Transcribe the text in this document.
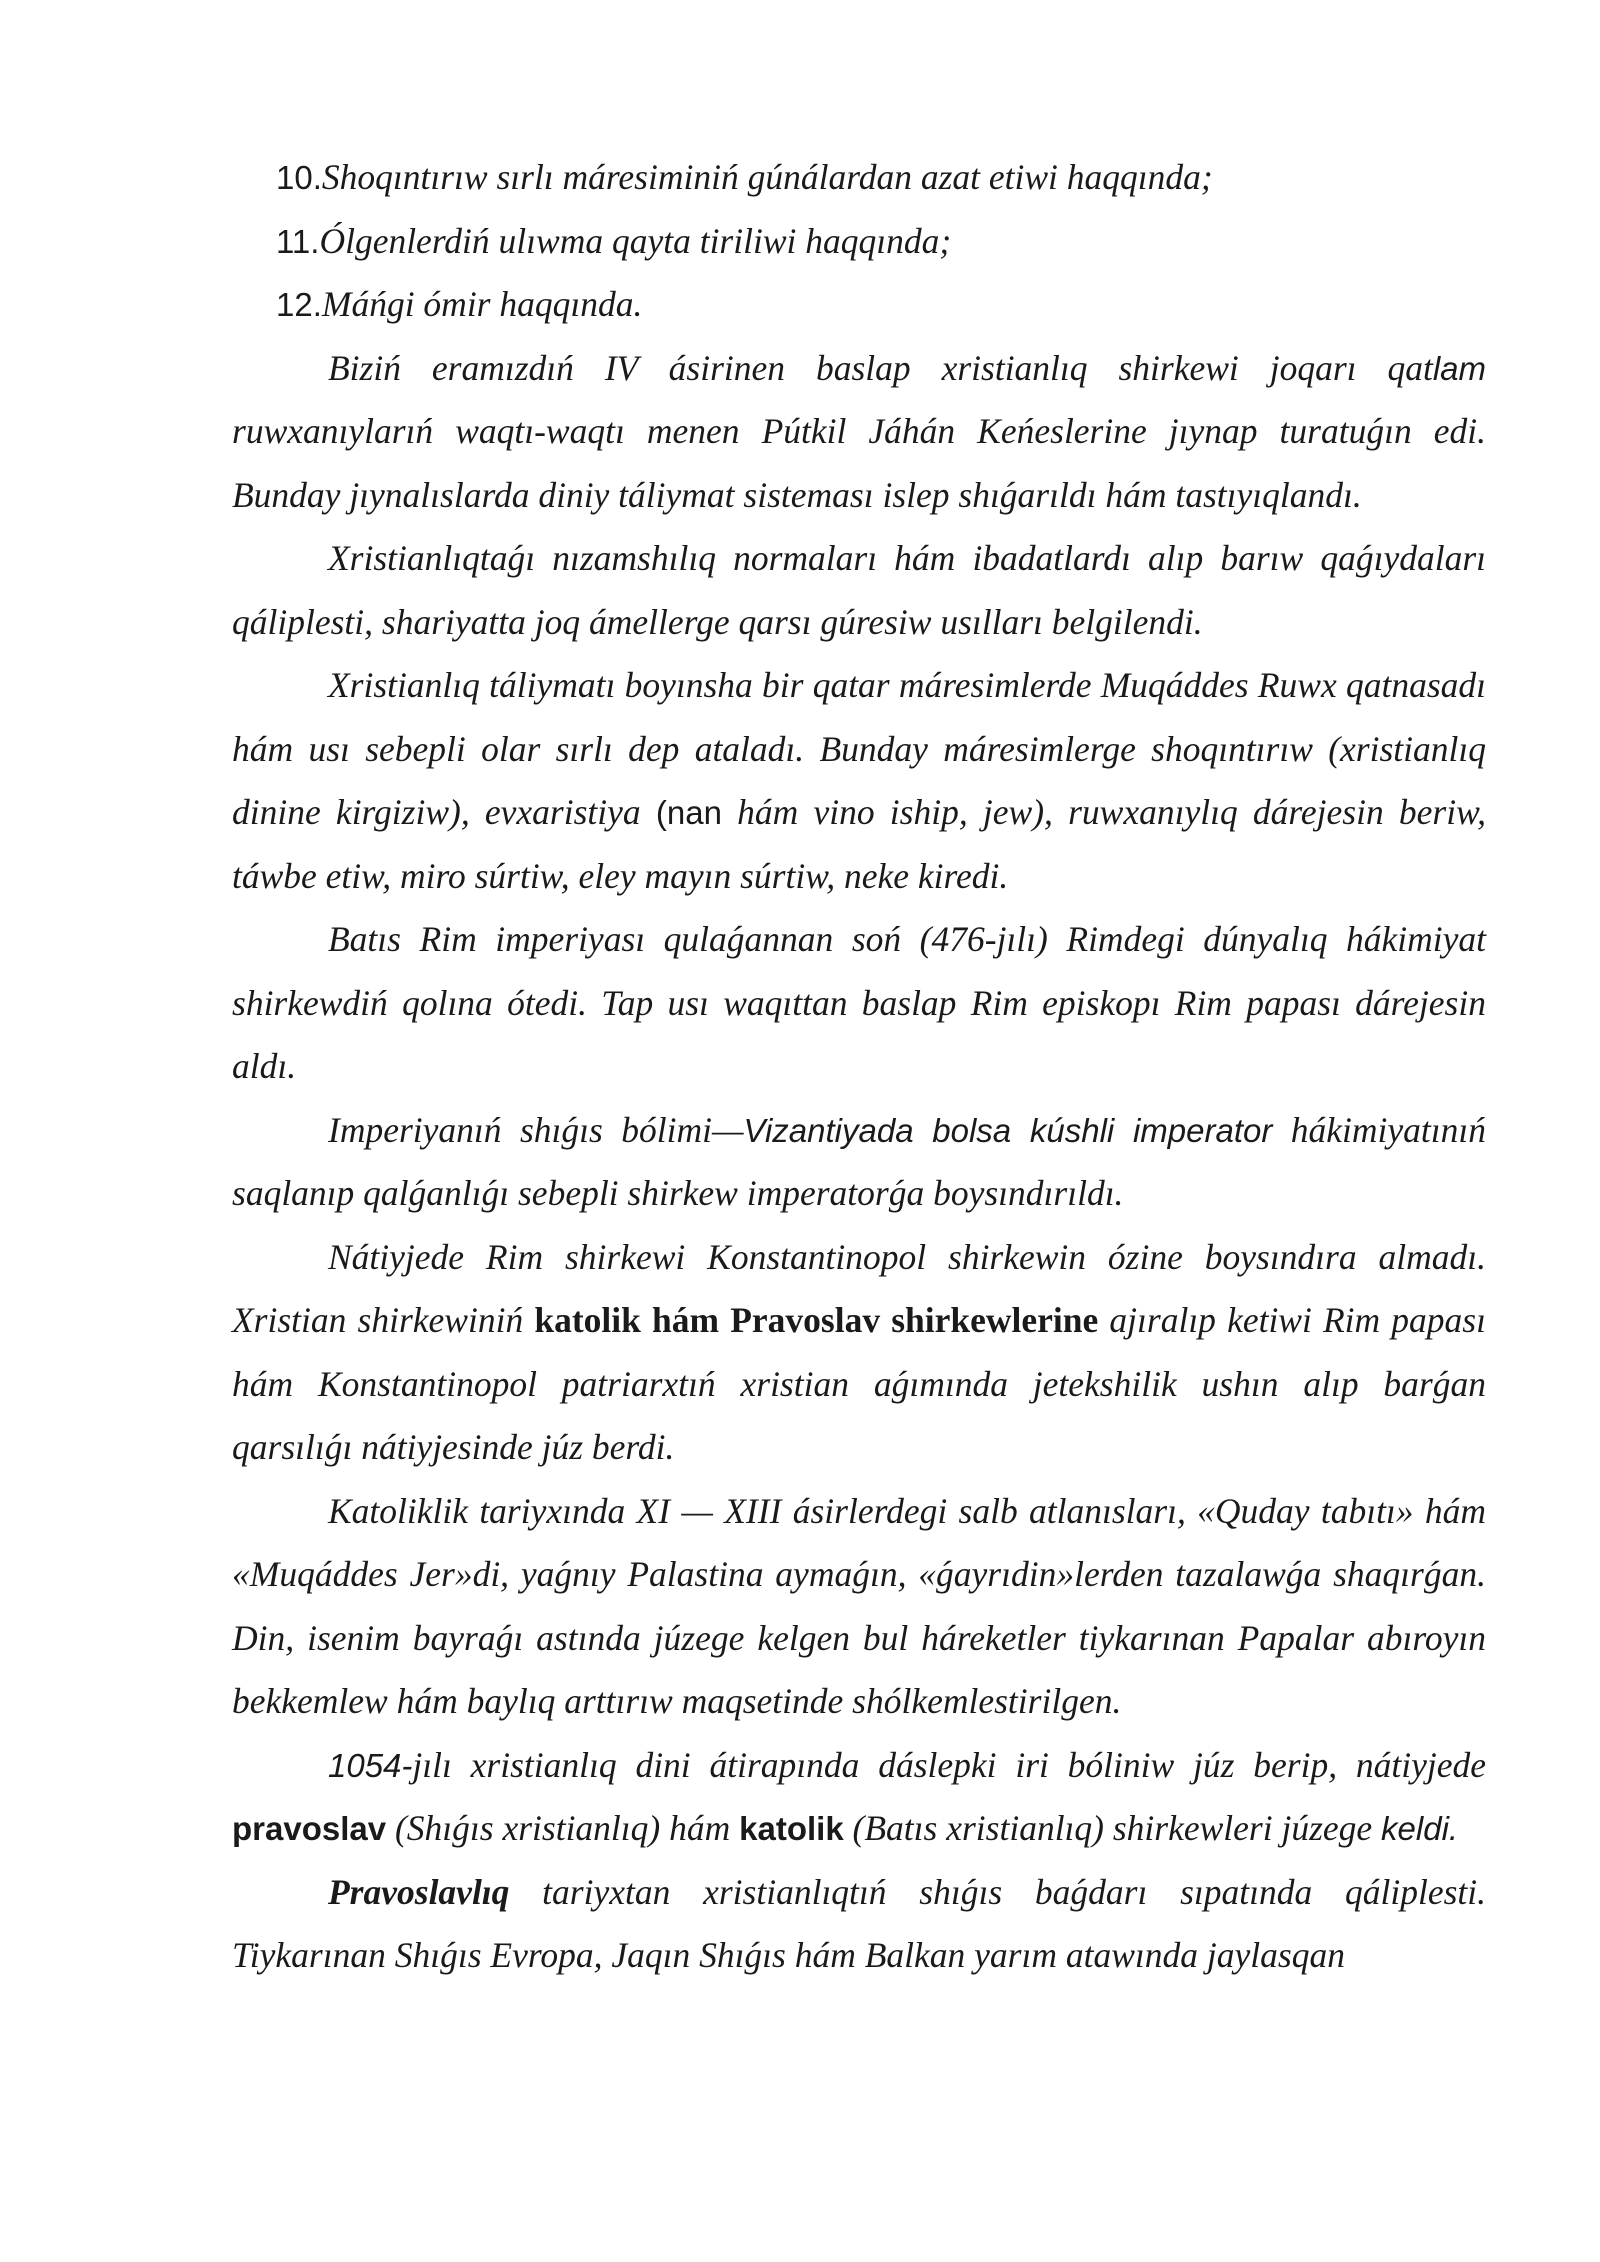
10.Shoqıntırıw sırlı máresiminiń gúnálardan azat etiwi haqqında;
11.Ólgenlerdiń ulıwma qayta tiriliwi haqqında;
12.Máńgi ómir haqqında.

Biziń eramızdıń IV ásirinen baslap xristianlıq shirkewi joqarı qatlam ruwxanıylarıń waqtı-waqtı menen Pútkil Jáhán Keńeslerine jıynap turatuǵın edi. Bunday jıynalıslarda diniy táliymat sisteması islep shıǵarıldı hám tastıyıqlandı.

Xristianlıqtaǵı nızamshılıq normaları hám ibadatlardı alıp barıw qaǵıydaları qáliplesti, shariyatta joq ámellerge qarsı gúresiw usılları belgilendi.

Xristianlıq táliymatı boyınsha bir qatar máresimlerde Muqáddes Ruwx qatnasadı hám usı sebepli olar sırlı dep ataladı. Bunday máresimlerge shoqıntırıw (xristianlıq dinine kirgiziw), evxaristiya (nan hám vino iship, jew), ruwxanıylıq dárejesin beriw, táwbe etiw, miro súrtiw, eley mayın súrtiw, neke kiredi.

Batıs Rim imperiyası qulaǵannan soń (476-jılı) Rimdegi dúnyalıq hákimiyat shirkewdiń qolına ótedi. Tap usı waqıttan baslap Rim episkopı Rim papası dárejesin aldı.

Imperiyanıń shıǵıs bólimi—Vizantiyada bolsa kúshli imperator hákimiyatınıń saqlanıp qalǵanlıǵı sebepli shirkew imperatorǵa boysındırıldı.

Nátiyjede Rim shirkewi Konstantinopol shirkewin ózine boysındıra almadı. Xristian shirkewiniń katolik hám Pravoslav shirkewlerine ajıralıp ketiwi Rim papası hám Konstantinopol patriarxtıń xristian aǵımında jetekshilik ushın alıp barǵan qarsılıǵı nátiyjesinde júz berdi.

Katoliklik tariyxında XI — XIII ásirlerdegi salb atlanısları, «Quday tabıtı» hám «Muqáddes Jer»di, yaǵnıy Palastina aymaǵın, «ǵayrıdin»lerden tazalawǵa shaqırǵan. Din, isenim bayraǵı astında júzege kelgen bul háreketler tiykarınan Papalar abıroyın bekkemlew hám baylıq arttırıw maqsetinde shólkemlestirilgen.

1054-jılı xristianlıq dini átirapında dáslepki iri bóliniw júz berip, nátiyjede pravoslav (Shıǵıs xristianlıq) hám katolik (Batıs xristianlıq) shirkewleri júzege keldi.

Pravoslavlıq tariyxtan xristianlıqtıń shıǵıs baǵdarı sıpatında qáliplesti. Tiykarınan Shıǵıs Evropa, Jaqın Shıǵıs hám Balkan yarım atawında jaylasqan
